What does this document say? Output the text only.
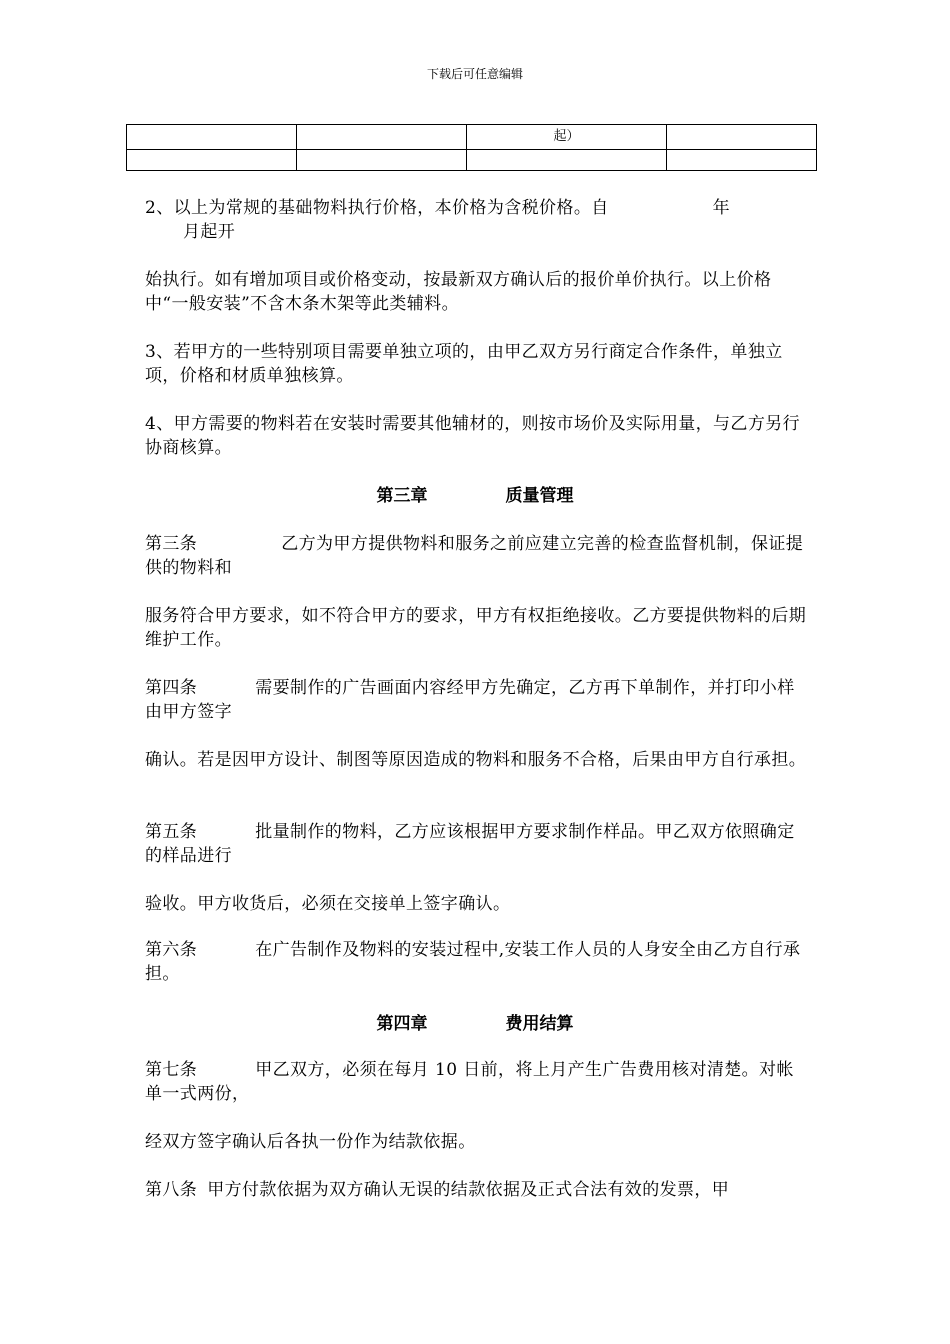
下载后可任意编辑
		起）	

2、以上为常规的基础物料执行价格，本价格为含税价格。自	年
月起开

始执行。如有增加项目或价格变动，按最新双方确认后的报价单价执行。以上价格中“一般安装”不含木条木架等此类辅料。

3、若甲方的一些特别项目需要单独立项的，由甲乙双方另行商定合作条件，单独立项，价格和材质单独核算。

4、甲方需要的物料若在安装时需要其他辅材的，则按市场价及实际用量，与乙方另行协商核算。

第三章	质量管理

第三条	乙方为甲方提供物料和服务之前应建立完善的检查监督机制，保证提供的物料和

服务符合甲方要求，如不符合甲方的要求，甲方有权拒绝接收。乙方要提供物料的后期维护工作。

第四条	需要制作的广告画面内容经甲方先确定，乙方再下单制作，并打印小样由甲方签字

确认。若是因甲方设计、制图等原因造成的物料和服务不合格，后果由甲方自行承担。

第五条	批量制作的物料，乙方应该根据甲方要求制作样品。甲乙双方依照确定的样品进行

验收。甲方收货后，必须在交接单上签字确认。

第六条	在广告制作及物料的安装过程中,安装工作人员的人身安全由乙方自行承担。

第四章	费用结算

第七条	甲乙双方，必须在每月 10 日前，将上月产生广告费用核对清楚。对帐单一式两份，

经双方签字确认后各执一份作为结款依据。

第八条 甲方付款依据为双方确认无误的结款依据及正式合法有效的发票，甲
